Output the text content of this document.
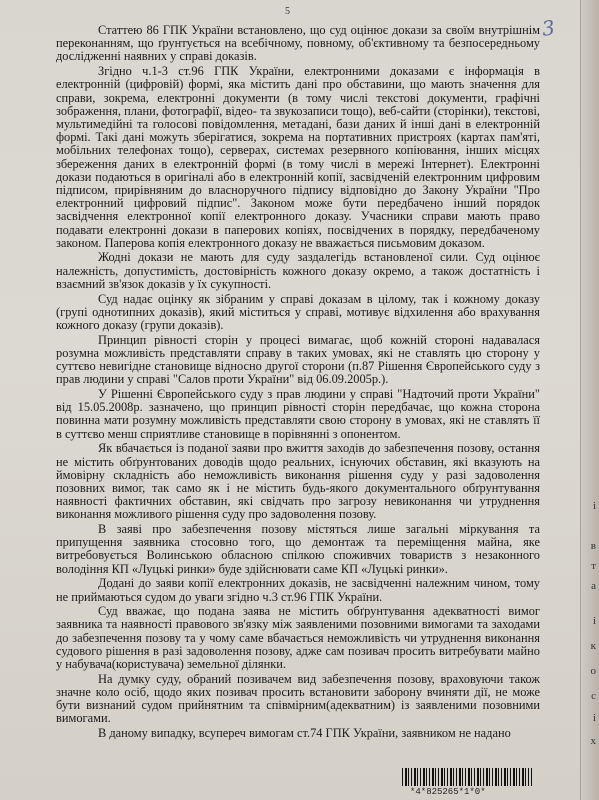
5
3

Статтею 86 ГПК України встановлено, що суд оцінює докази за своїм внутрішнім переконанням, що ґрунтується на всебічному, повному, об'єктивному та безпосередньому дослідженні наявних у справі доказів.

Згідно ч.1-3 ст.96 ГПК України, електронними доказами є інформація в електронній (цифровій) формі, яка містить дані про обставини, що мають значення для справи, зокрема, електронні документи (в тому числі текстові документи, графічні зображення, плани, фотографії, відео- та звукозаписи тощо), веб-сайти (сторінки), текстові, мультимедійні та голосові повідомлення, метадані, бази даних й інші дані в електронній формі. Такі дані можуть зберігатися, зокрема на портативних пристроях (картах пам'яті, мобільних телефонах тощо), серверах, системах резервного копіювання, інших місцях збереження даних в електронній формі (в тому числі в мережі Інтернет). Електронні докази подаються в оригіналі або в електронній копії, засвідченій електронним цифровим підписом, прирівняним до власноручного підпису відповідно до Закону України "Про електронний цифровий підпис". Законом може бути передбачено інший порядок засвідчення електронної копії електронного доказу. Учасники справи мають право подавати електронні докази в паперових копіях, посвідчених в порядку, передбаченому законом. Паперова копія електронного доказу не вважається письмовим доказом.

Жодні докази не мають для суду заздалегідь встановленої сили. Суд оцінює належність, допустимість, достовірність кожного доказу окремо, а також достатність і взаємний зв'язок доказів у їх сукупності.

Суд надає оцінку як зібраним у справі доказам в цілому, так і кожному доказу (групі однотипних доказів), який міститься у справі, мотивує відхилення або врахування кожного доказу (групи доказів).

Принцип рівності сторін у процесі вимагає, щоб кожній стороні надавалася розумна можливість представляти справу в таких умовах, які не ставлять цю сторону у суттєво невигідне становище відносно другої сторони (п.87 Рішення Європейського суду з прав людини у справі "Салов проти України" від 06.09.2005р.).

У Рішенні Європейського суду з прав людини у справі "Надточий проти України" від 15.05.2008р. зазначено, що принцип рівності сторін передбачає, що кожна сторона повинна мати розумну можливість представляти свою сторону в умовах, які не ставлять її в суттєво менш сприятливе становище в порівнянні з опонентом.

Як вбачається із поданої заяви про вжиття заходів до забезпечення позову, остання не містить обґрунтованих доводів щодо реальних, існуючих обставин, які вказують на ймовірну складність або неможливість виконання рішення суду у разі задоволення позовних вимог, так само як і не містить будь-якого документального обґрунтування наявності фактичних обставин, які свідчать про загрозу невиконання чи утруднення виконання можливого рішення суду про задоволення позову.

В заяві про забезпечення позову містяться лише загальні міркування та припущення заявника стосовно того, що демонтаж та переміщення майна, яке витребовується Волинською обласною спілкою споживчих товариств з незаконного володіння КП «Луцькі ринки» буде здійснювати саме КП «Луцькі ринки».

Додані до заяви копії електронних доказів, не засвідченні належним чином, тому не приймаються судом до уваги згідно ч.3 ст.96 ГПК України.

Суд вважає, що подана заява не містить обґрунтування адекватності вимог заявника та наявності правового зв'язку між заявленими позовними вимогами та заходами до забезпечення позову та у чому саме вбачається неможливість чи утруднення виконання судового рішення в разі задоволення позову, адже сам позивач просить витребувати майно у набувача(користувача) земельної ділянки.

На думку суду, обраний позивачем вид забезпечення позову, враховуючи також значне коло осіб, щодо яких позивач просить встановити заборону вчиняти дії, не може бути визнаний судом прийнятним та співмірним(адекватним) із заявленими позовними вимогами.

В даному випадку, всупереч вимогам ст.74 ГПК України, заявником не надано

і
в
т
а
і
к
о
с
і
х
*4*825265*1*0*
